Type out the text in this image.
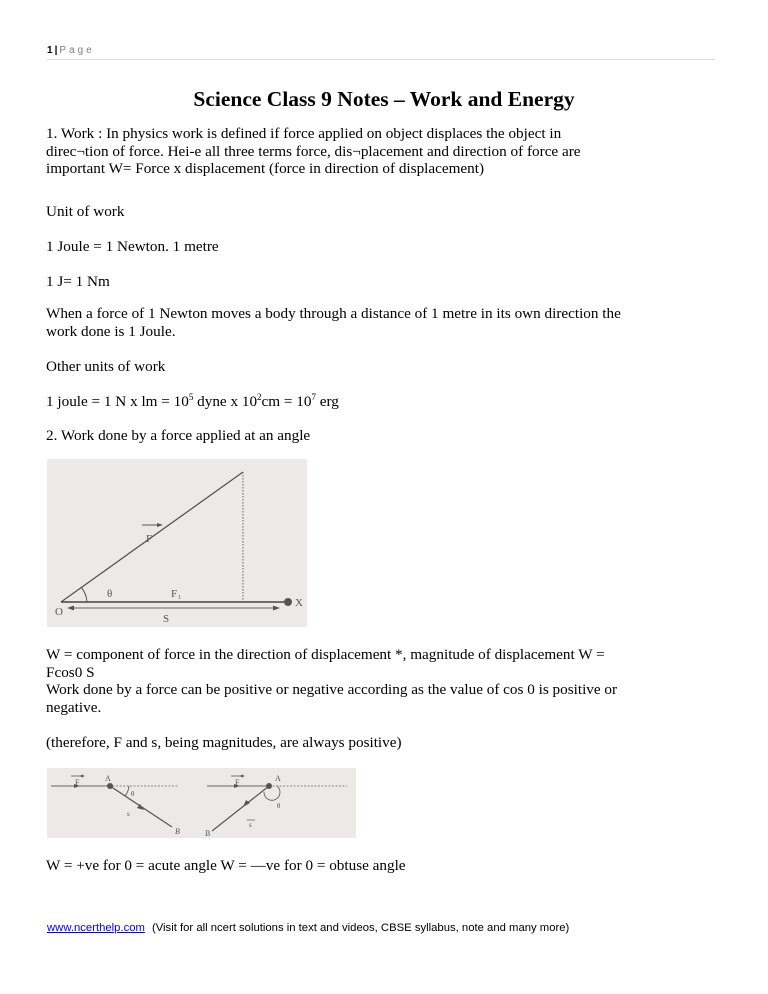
1 | Page
Science Class 9 Notes – Work and Energy

1. Work : In physics work is defined if force applied on object displaces the object in
direc¬tion of force. Hei-e all three terms force, dis¬placement and direction of force are
important W= Force x displacement (force in direction of displacement)

Unit of work

1 Joule = 1 Newton. 1 metre

1 J= 1 Nm

When a force of 1 Newton moves a body through a distance of 1 metre in its own direction the
work done is 1 Joule.

Other units of work

1 joule = 1 N x lm = $10^5$ dyne x $10^2cm = 10^7$ erg

2. Work done by a force applied at an angle

F
θ	F 1
O
X
S

W = component of force in the direction of displacement *, magnitude of displacement W =
Fcos0 S
Work done by a force can be positive or negative according as the value of cos 0 is positive or
negative.

(therefore, F and s, being magnitudes, are always positive)

F	A
θ
s
B
F	A
θ
s
B

W = +ve for 0 = acute angle W = —ve for 0 = obtuse angle

www.ncerthelp.com (Visit for all ncert solutions in text and videos, CBSE syllabus, note and many more)
